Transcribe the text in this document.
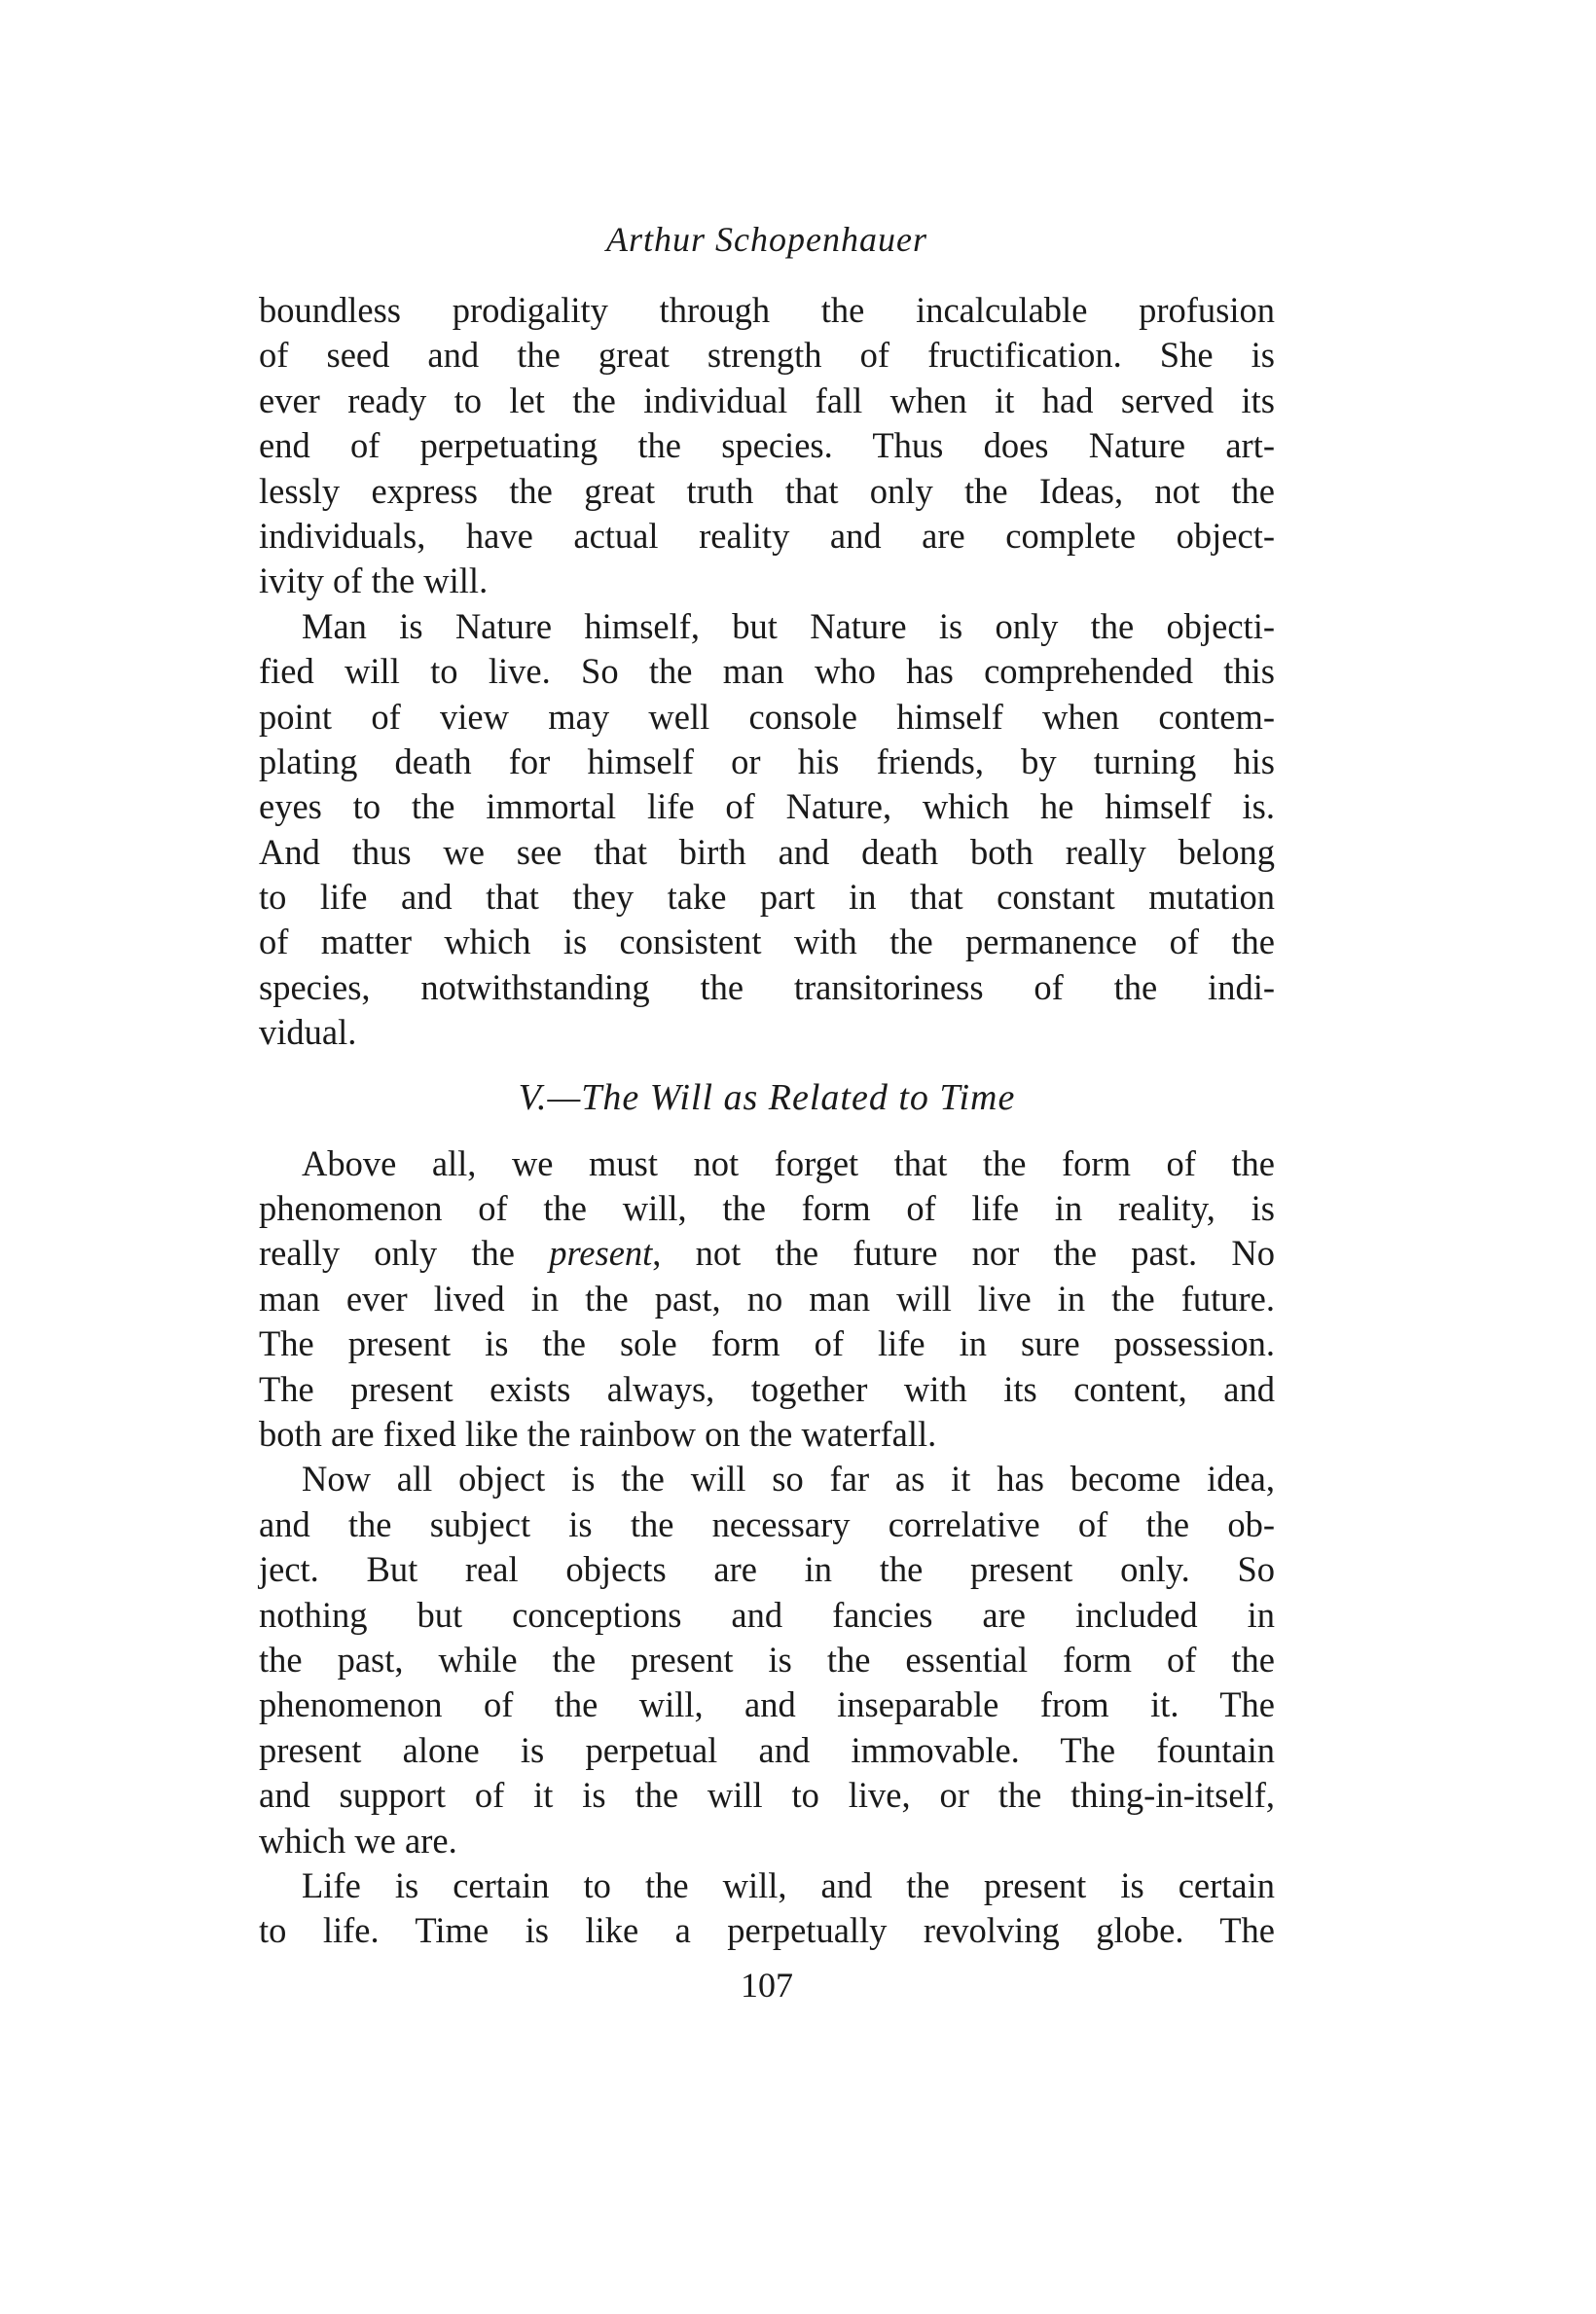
Arthur Schopenhauer
boundless prodigality through the incalculable profusion
of seed and the great strength of fructification. She is
ever ready to let the individual fall when it had served its
end of perpetuating the species. Thus does Nature art-
lessly express the great truth that only the Ideas, not the
individuals, have actual reality and are complete object-
ivity of the will.
Man is Nature himself, but Nature is only the objecti-
fied will to live. So the man who has comprehended this
point of view may well console himself when contem-
plating death for himself or his friends, by turning his
eyes to the immortal life of Nature, which he himself is.
And thus we see that birth and death both really belong
to life and that they take part in that constant mutation
of matter which is consistent with the permanence of the
species, notwithstanding the transitoriness of the indi-
vidual.
V.—The Will as Related to Time
Above all, we must not forget that the form of the
phenomenon of the will, the form of life in reality, is
really only the present, not the future nor the past. No
man ever lived in the past, no man will live in the future.
The present is the sole form of life in sure possession.
The present exists always, together with its content, and
both are fixed like the rainbow on the waterfall.
Now all object is the will so far as it has become idea,
and the subject is the necessary correlative of the ob-
ject. But real objects are in the present only. So
nothing but conceptions and fancies are included in
the past, while the present is the essential form of the
phenomenon of the will, and inseparable from it. The
present alone is perpetual and immovable. The fountain
and support of it is the will to live, or the thing-in-itself,
which we are.
Life is certain to the will, and the present is certain
to life. Time is like a perpetually revolving globe. The
107
